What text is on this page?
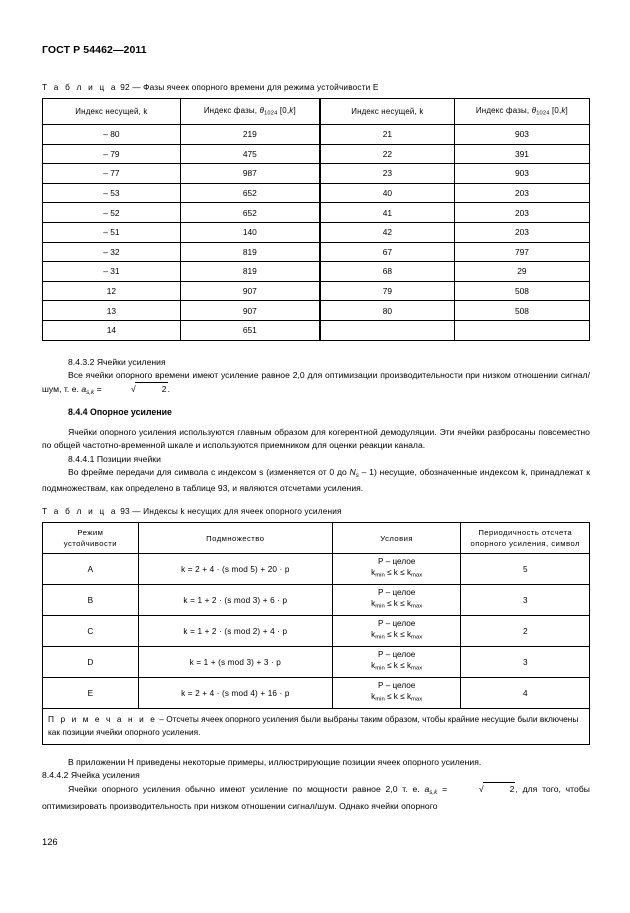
ГОСТ Р 54462—2011
Т а б л и ц а 92 — Фазы ячеек опорного времени для режима устойчивости E
Индекс несущей, k	Индекс фазы, $\theta_{1024}$ [0,k]	Индекс несущей, k	Индекс фазы, $\theta_{1024}$ [0,k]
– 80	219	21	903
– 79	475	22	391
– 77	987	23	903
– 53	652	40	203
– 52	652	41	203
– 51	140	42	203
– 32	819	67	797
– 31	819	68	29
12	907	79	508
13	907	80	508
14	651		

8.4.3.2 Ячейки усиления

Все ячейки опорного времени имеют усиление равное 2,0 для оптимизации производительности при низком отношении сигнал/шум, т. е. $a_{s,k}$ =	√	2.

8.4.4 Опорное усиление

Ячейки опорного усиления используются главным образом для когерентной демодуляции. Эти ячейки разбросаны повсеместно по общей частотно-временной шкале и используются приемником для оценки реакции канала.

8.4.4.1 Позиции ячейки

Во фрейме передачи для символа с индексом s (изменяется от 0 до $N_s - 1$) несущие, обозначенные индексом k, принадлежат к подмножествам, как определено в таблице 93, и являются отсчетами усиления.

Т а б л и ц а 93 — Индексы k несущих для ячеек опорного усиления
Режим
устойчивости	Подмножество	Условия	Периодичность отсчета
опорного усиления, символ
A	k = 2 + 4 · (s mod 5) + 20 · p	P – целое
$k_{min} \le k \le k_{max}$	5
B	k = 1 + 2 · (s mod 3) + 6 · p	P – целое
$k_{min} \le k \le k_{max}$	3
C	k = 1 + 2 · (s mod 2) + 4 · p	P – целое
$k_{min} \le k \le k_{max}$	2
D	k = 1 + (s mod 3) + 3 · p	P – целое
$k_{min} \le k \le k_{max}$	3
E	k = 2 + 4 · (s mod 4) + 16 · p	P – целое
$k_{min} \le k \le k_{max}$	4
П р и м е ч а н и е – Отсчеты ячеек опорного усиления были выбраны таким образом, чтобы крайние несущие были включены как позиции ячейки опорного усиления.			

В приложении Н приведены некоторые примеры, иллюстрирующие позиции ячеек опорного усиления.

8.4.4.2 Ячейка усиления

Ячейки опорного усиления обычно имеют усиление по мощности равное 2,0 т. е. $a_{s,k}$ =	√	2, для того, чтобы оптимизировать производительность при низком отношении сигнал/шум. Однако ячейки опорного

126
